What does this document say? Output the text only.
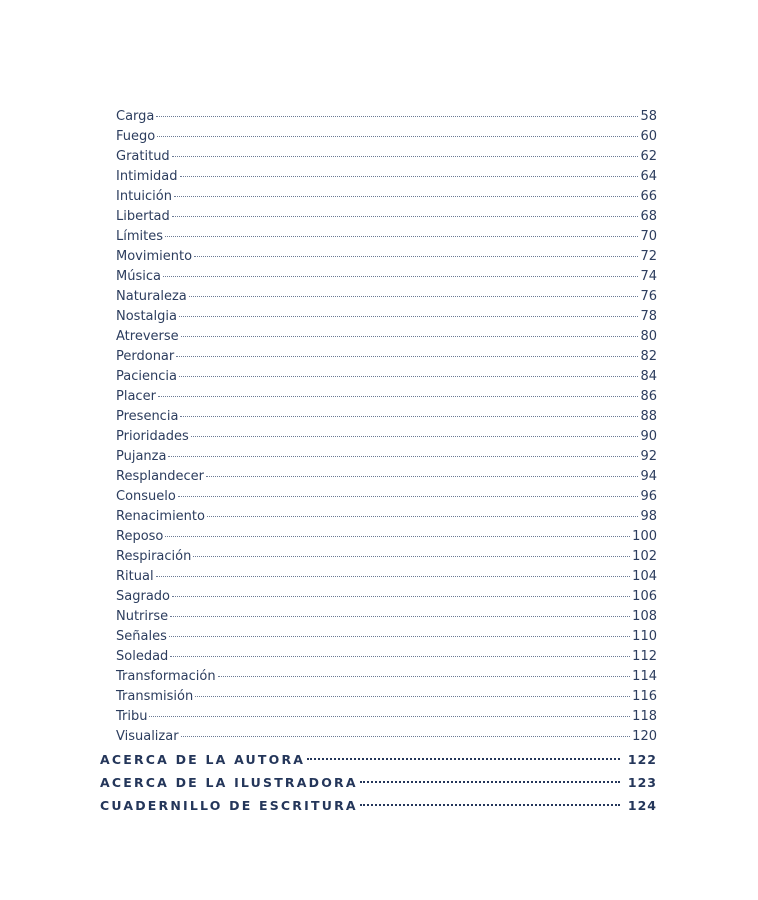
Carga	58
Fuego	60
Gratitud	62
Intimidad	64
Intuición	66
Libertad	68
Límites	70
Movimiento	72
Música	74
Naturaleza	76
Nostalgia	78
Atreverse	80
Perdonar	82
Paciencia	84
Placer	86
Presencia	88
Prioridades	90
Pujanza	92
Resplandecer	94
Consuelo	96
Renacimiento	98
Reposo	100
Respiración	102
Ritual	104
Sagrado	106
Nutrirse	108
Señales	110
Soledad	112
Transformación	114
Transmisión	116
Tribu	118
Visualizar	120
ACERCA DE LA AUTORA	122
ACERCA DE LA ILUSTRADORA	123
CUADERNILLO DE ESCRITURA	124
